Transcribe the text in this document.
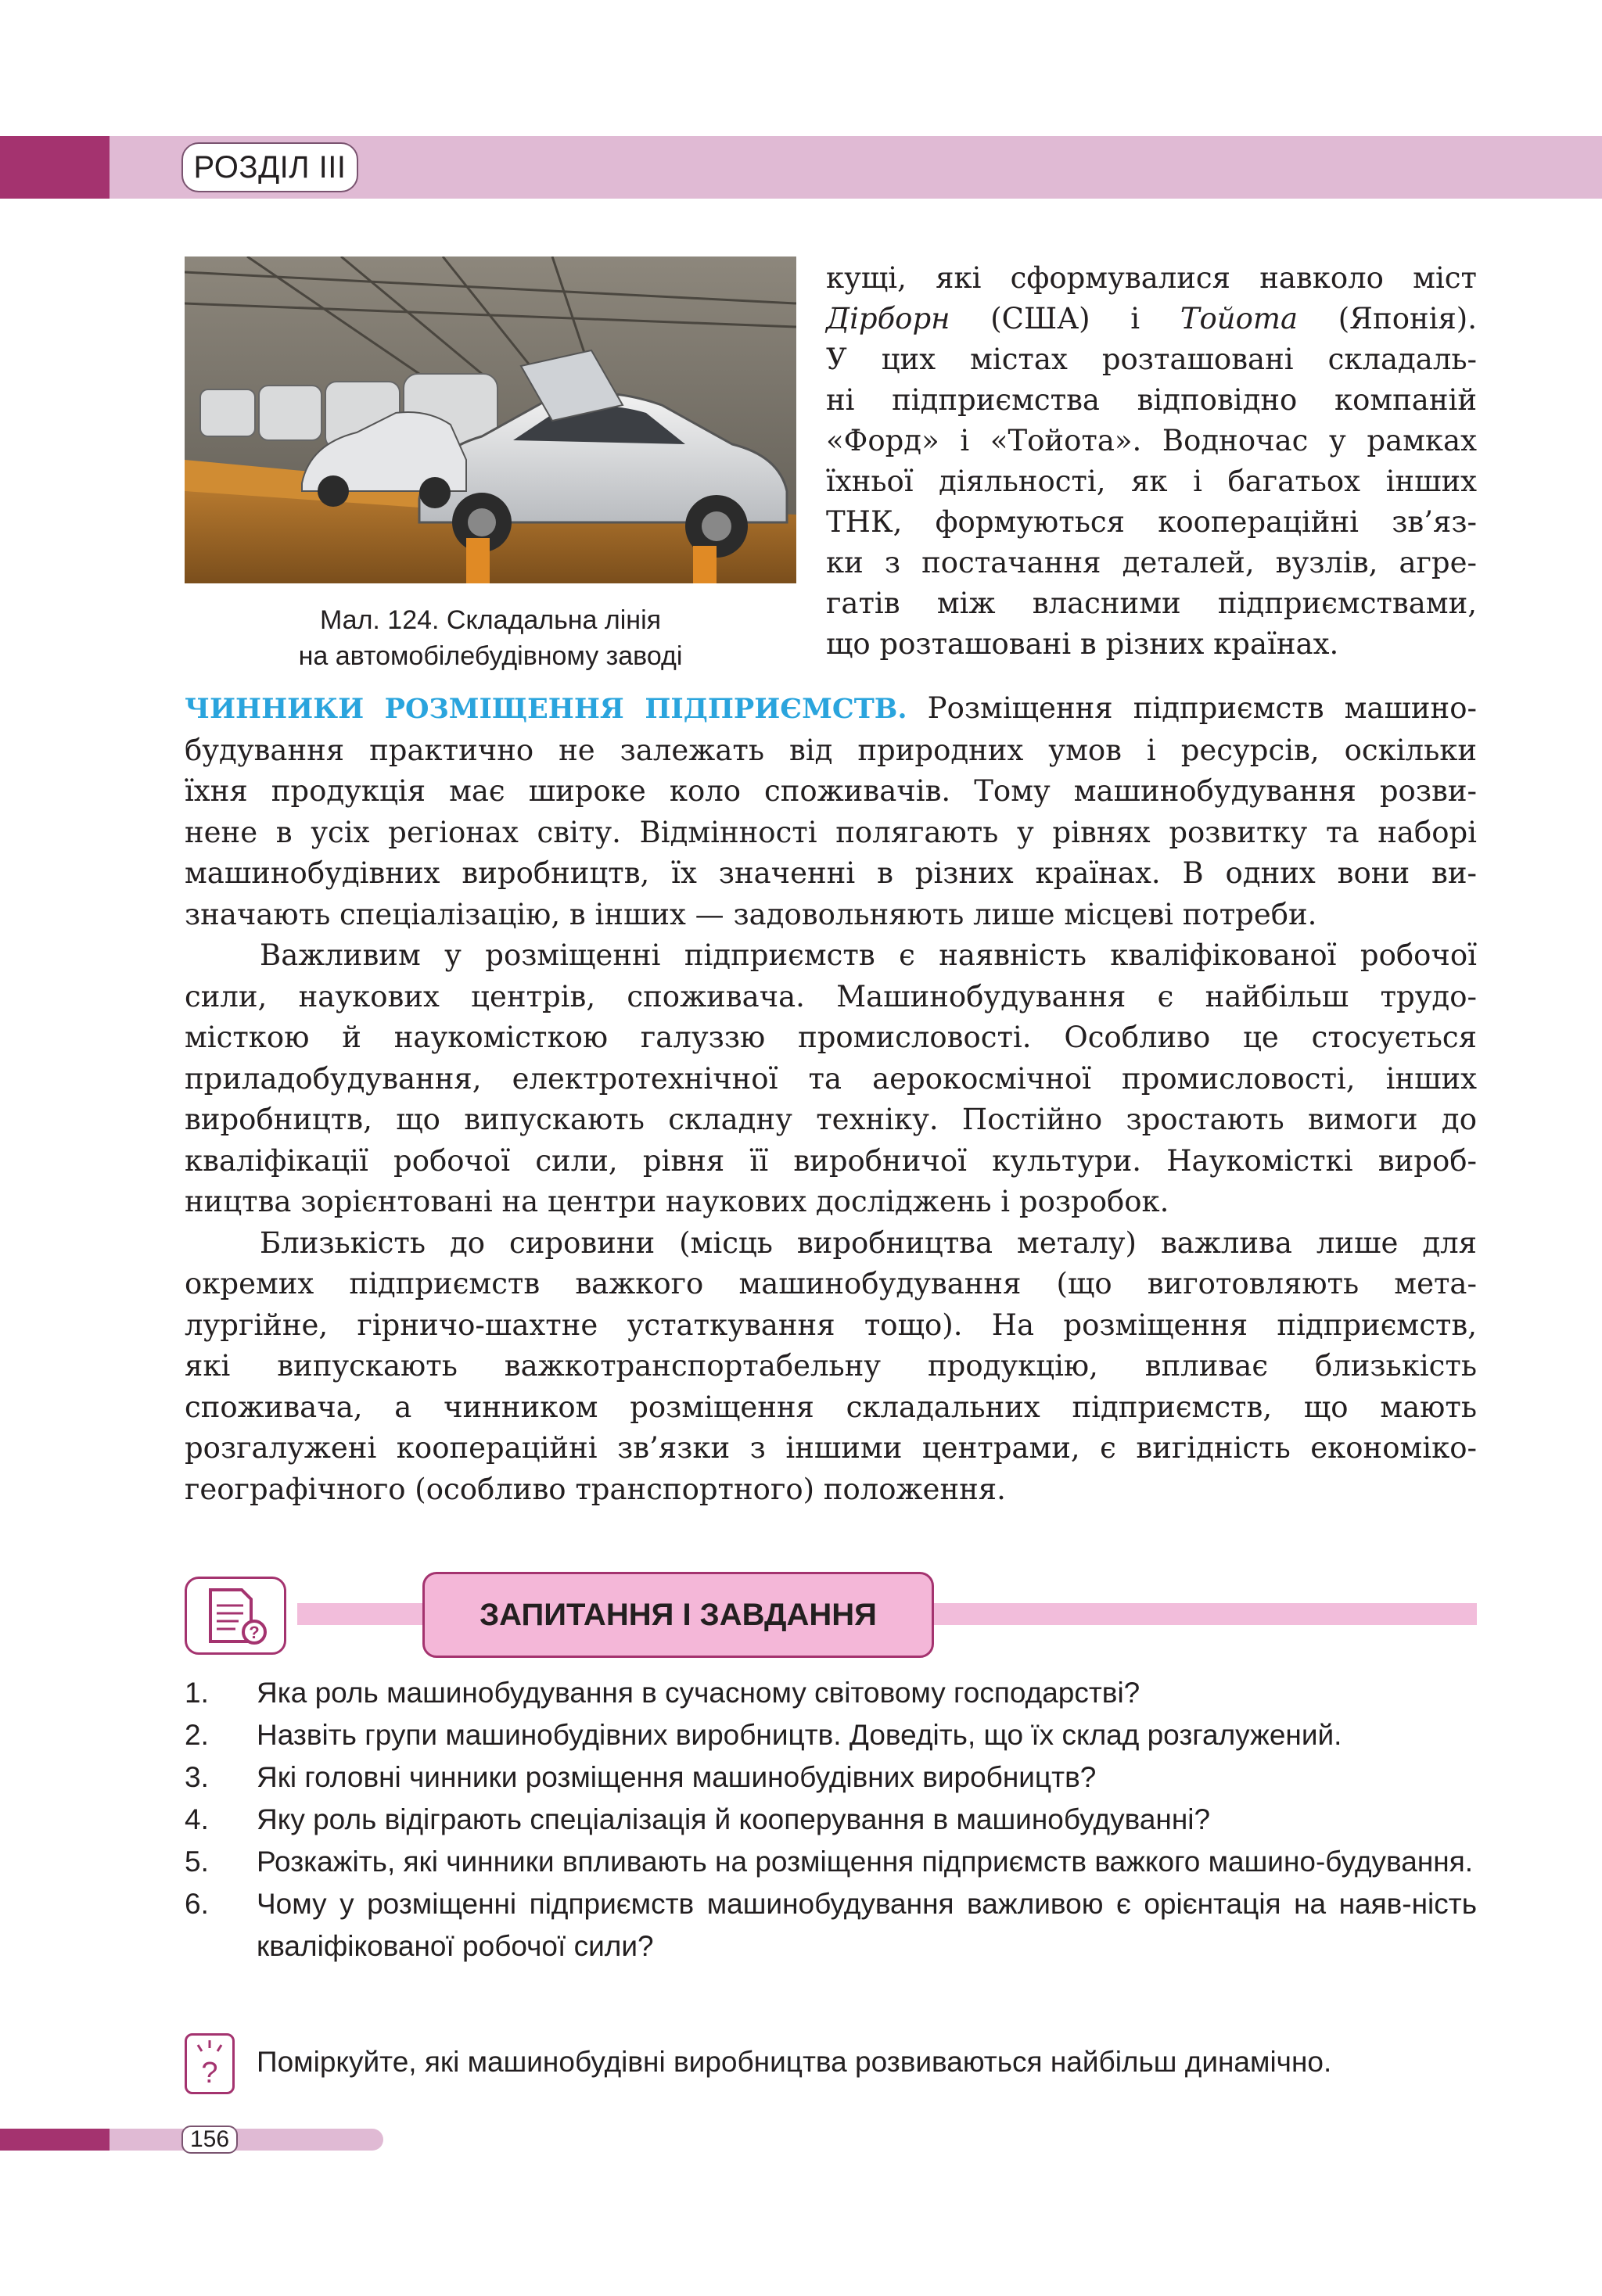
РОЗДІЛ ІІІ
Мал. 124. Складальна лінія
на автомобілебудівному заводі
кущі, які сформувалися навколо міст
Дірборн (США) і Тойота (Японія).
У цих містах розташовані складаль-
ні підприємства відповідно компаній
«Форд» і «Тойота». Водночас у рамках
їхньої діяльності, як і багатьох інших
ТНК, формуються коопераційні зв’яз-
ки з постачання деталей, вузлів, агре-
гатів між власними підприємствами,
що розташовані в різних країнах.
ЧИННИКИ РОЗМІЩЕННЯ ПІДПРИЄМСТВ. Розміщення підприємств машино-
будування практично не залежать від природних умов і ресурсів, оскільки
їхня продукція має широке коло споживачів. Тому машинобудування розви-
нене в усіх регіонах світу. Відмінності полягають у рівнях розвитку та наборі
машинобудівних виробництв, їх значенні в різних країнах. В одних вони ви-
значають спеціалізацію, в інших — задовольняють лише місцеві потреби.
Важливим у розміщенні підприємств є наявність кваліфікованої робочої
сили, наукових центрів, споживача. Машинобудування є найбільш трудо-
місткою й наукомісткою галуззю промисловості. Особливо це стосується
приладобудування, електротехнічної та аерокосмічної промисловості, інших
виробництв, що випускають складну техніку. Постійно зростають вимоги до
кваліфікації робочої сили, рівня її виробничої культури. Наукомісткі вироб-
ництва зорієнтовані на центри наукових досліджень і розробок.
Близькість до сировини (місць виробництва металу) важлива лише для
окремих підприємств важкого машинобудування (що виготовляють мета-
лургійне, гірничо-шахтне устаткування тощо). На розміщення підприємств,
які випускають важкотранспортабельну продукцію, впливає близькість
споживача, а чинником розміщення складальних підприємств, що мають
розгалужені коопераційні зв’язки з іншими центрами, є вигідність економіко-
географічного (особливо транспортного) положення.
?
ЗАПИТАННЯ І ЗАВДАННЯ
1.	Яка роль машинобудування в сучасному світовому господарстві?
2.	Назвіть групи машинобудівних виробництв. Доведіть, що їх склад розгалужений.
3.	Які головні чинники розміщення машинобудівних виробництв?
4.	Яку роль відіграють спеціалізація й кооперування в машинобудуванні?
5.	Розкажіть, які чинники впливають на розміщення підприємств важкого машино-будування.
6.	Чому у розміщенні підприємств машинобудування важливою є орієнтація на наяв-ність кваліфікованої робочої сили?
? Поміркуйте, які машинобудівні виробництва розвиваються найбільш динамічно.
156
